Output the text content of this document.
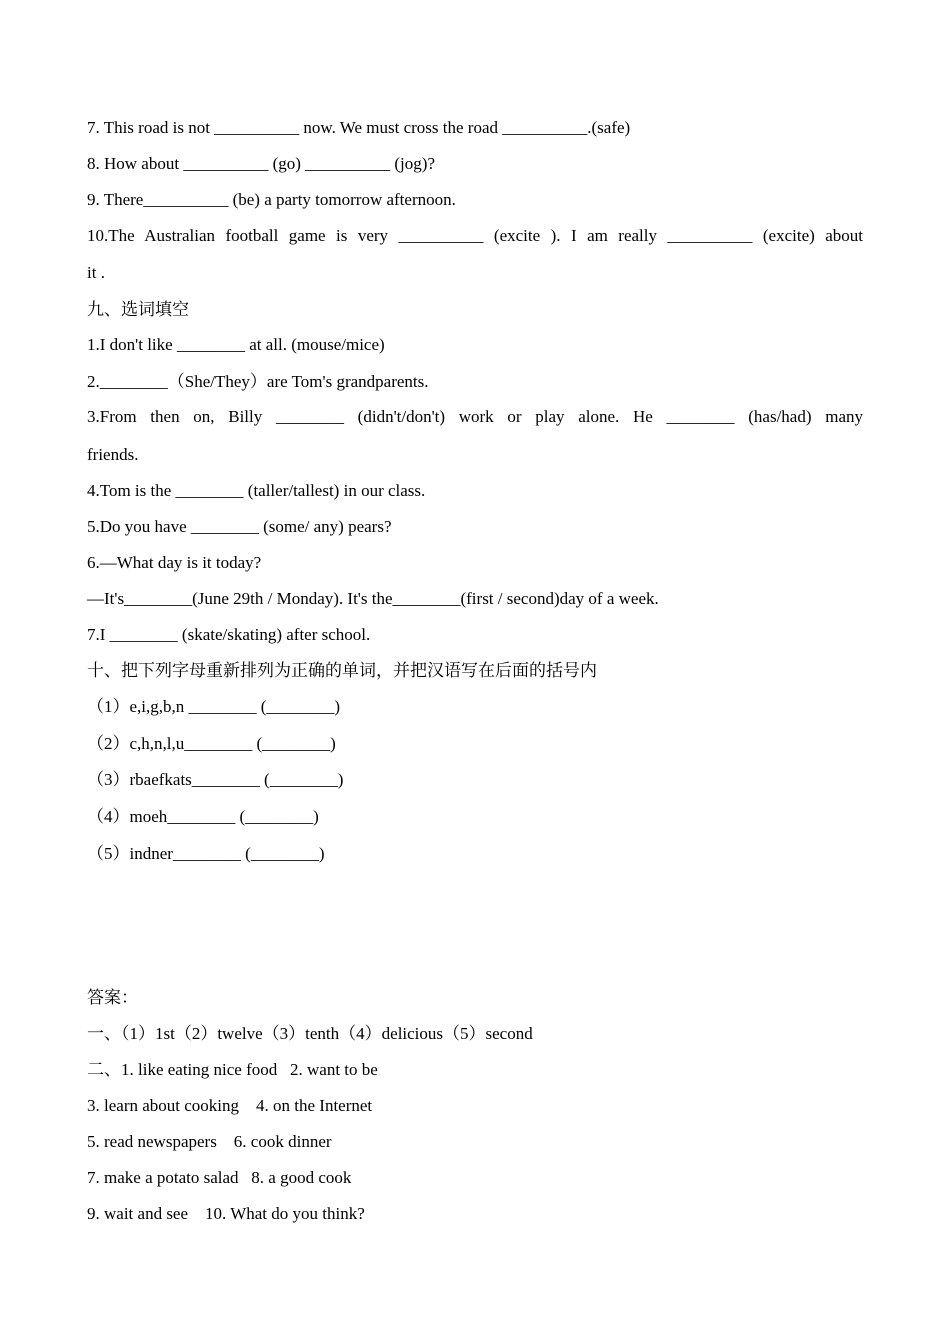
7. This road is not __________ now. We must cross the road __________.(safe)
8. How about __________ (go) __________ (jog)?
9. There__________ (be) a party tomorrow afternoon.
10.The Australian football game is very __________ (excite ). I am really __________ (excite) about
it .
九、选词填空
1.I don't like ________ at all. (mouse/mice)
2.________（She/They）are Tom's grandparents.
3.From then on, Billy ________ (didn't/don't) work or play alone. He ________ (has/had) many
friends.
4.Tom is the ________ (taller/tallest) in our class.
5.Do you have ________ (some/ any) pears?
6.—What day is it today?
—It's________(June 29th / Monday). It's the________(first / second)day of a week.
7.I ________ (skate/skating) after school.
十、把下列字母重新排列为正确的单词，并把汉语写在后面的括号内
（1）e,i,g,b,n ________ (________)
（2）c,h,n,l,u________ (________)
（3）rbaefkats________ (________)
（4）moeh________ (________)
（5）indner________ (________)
答案：
一、（1）1st（2）twelve（3）tenth（4）delicious（5）second
二、1. like eating nice food   2. want to be
3. learn about cooking    4. on the Internet
5. read newspapers    6. cook dinner
7. make a potato salad   8. a good cook
9. wait and see    10. What do you think?
